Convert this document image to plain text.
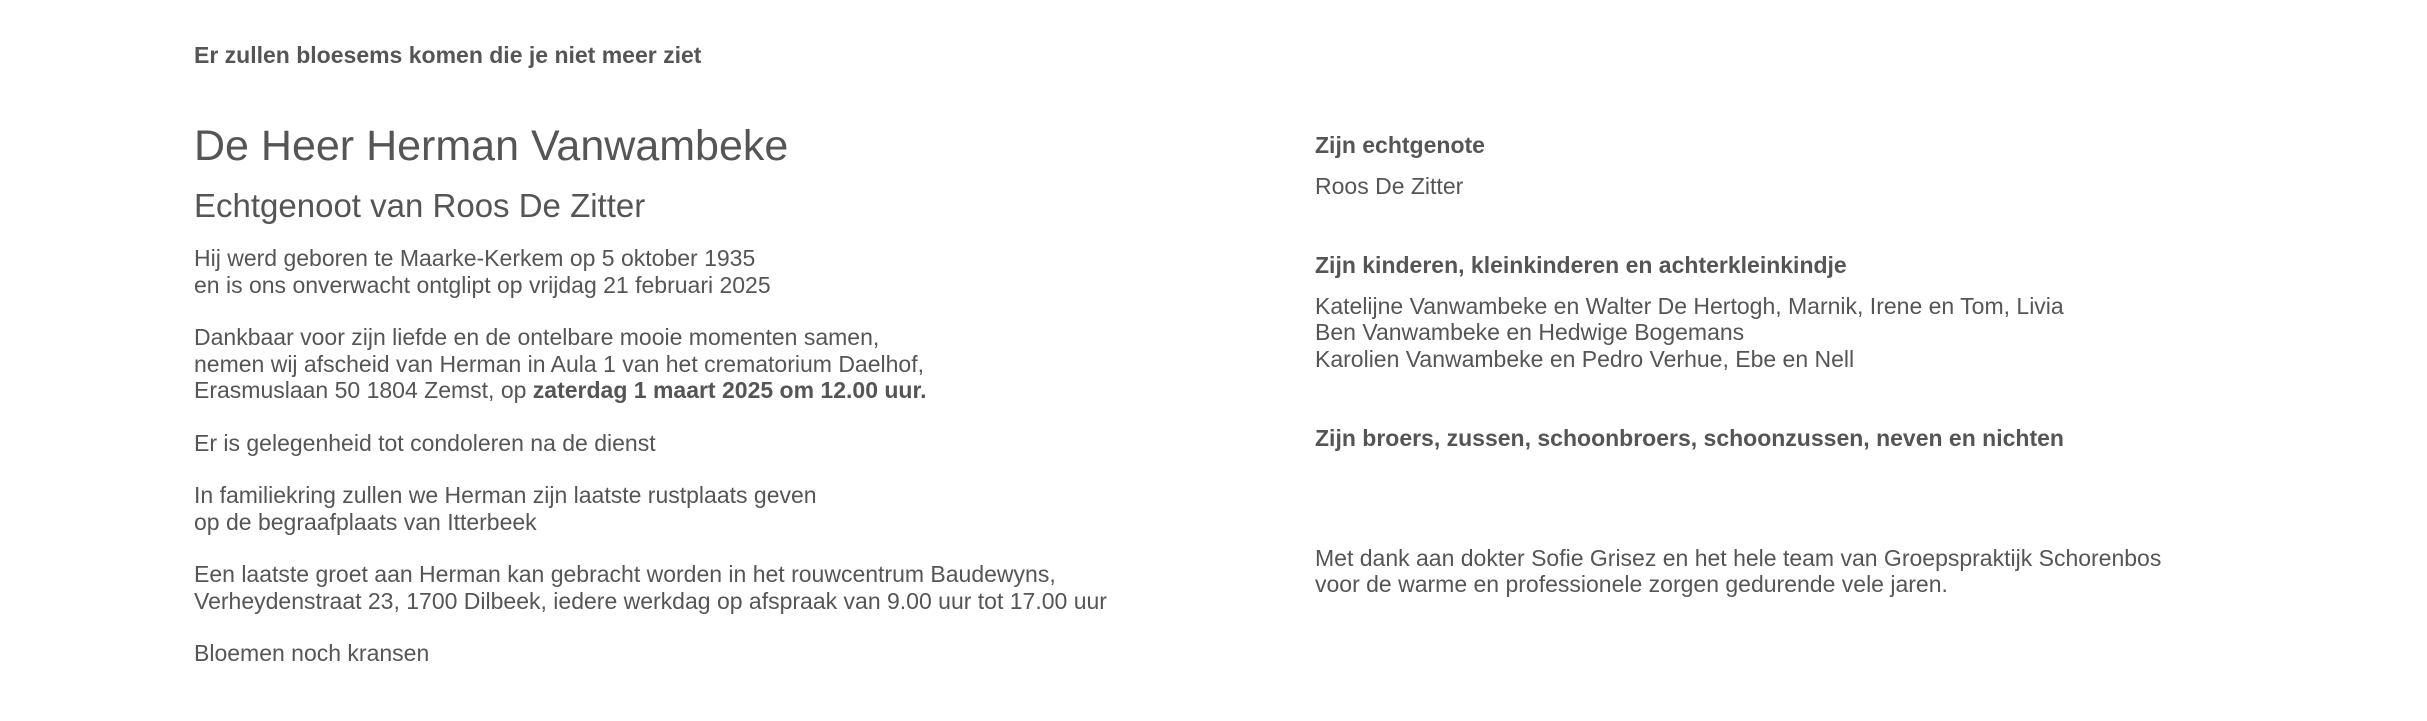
Er zullen bloesems komen die je niet meer ziet
De Heer Herman Vanwambeke
Echtgenoot van Roos De Zitter
Hij werd geboren te Maarke-Kerkem op 5 oktober 1935
en is ons onverwacht ontglipt op vrijdag 21 februari 2025
Dankbaar voor zijn liefde en de ontelbare mooie momenten samen,
nemen wij afscheid van Herman in Aula 1 van het crematorium Daelhof,
Erasmuslaan 50 1804 Zemst, op zaterdag 1 maart 2025 om 12.00 uur.
Er is gelegenheid tot condoleren na de dienst
In familiekring zullen we Herman zijn laatste rustplaats geven
op de begraafplaats van Itterbeek
Een laatste groet aan Herman kan gebracht worden in het rouwcentrum Baudewyns,
Verheydenstraat 23, 1700 Dilbeek, iedere werkdag op afspraak van 9.00 uur tot 17.00 uur
Bloemen noch kransen

Zijn echtgenote

Roos De Zitter

Zijn kinderen, kleinkinderen en achterkleinkindje

Katelijne Vanwambeke en Walter De Hertogh, Marnik, Irene en Tom, Livia
Ben Vanwambeke en Hedwige Bogemans
Karolien Vanwambeke en Pedro Verhue, Ebe en Nell

Zijn broers, zussen, schoonbroers, schoonzussen, neven en nichten

Met dank aan dokter Sofie Grisez en het hele team van Groepspraktijk Schorenbos
voor de warme en professionele zorgen gedurende vele jaren.
